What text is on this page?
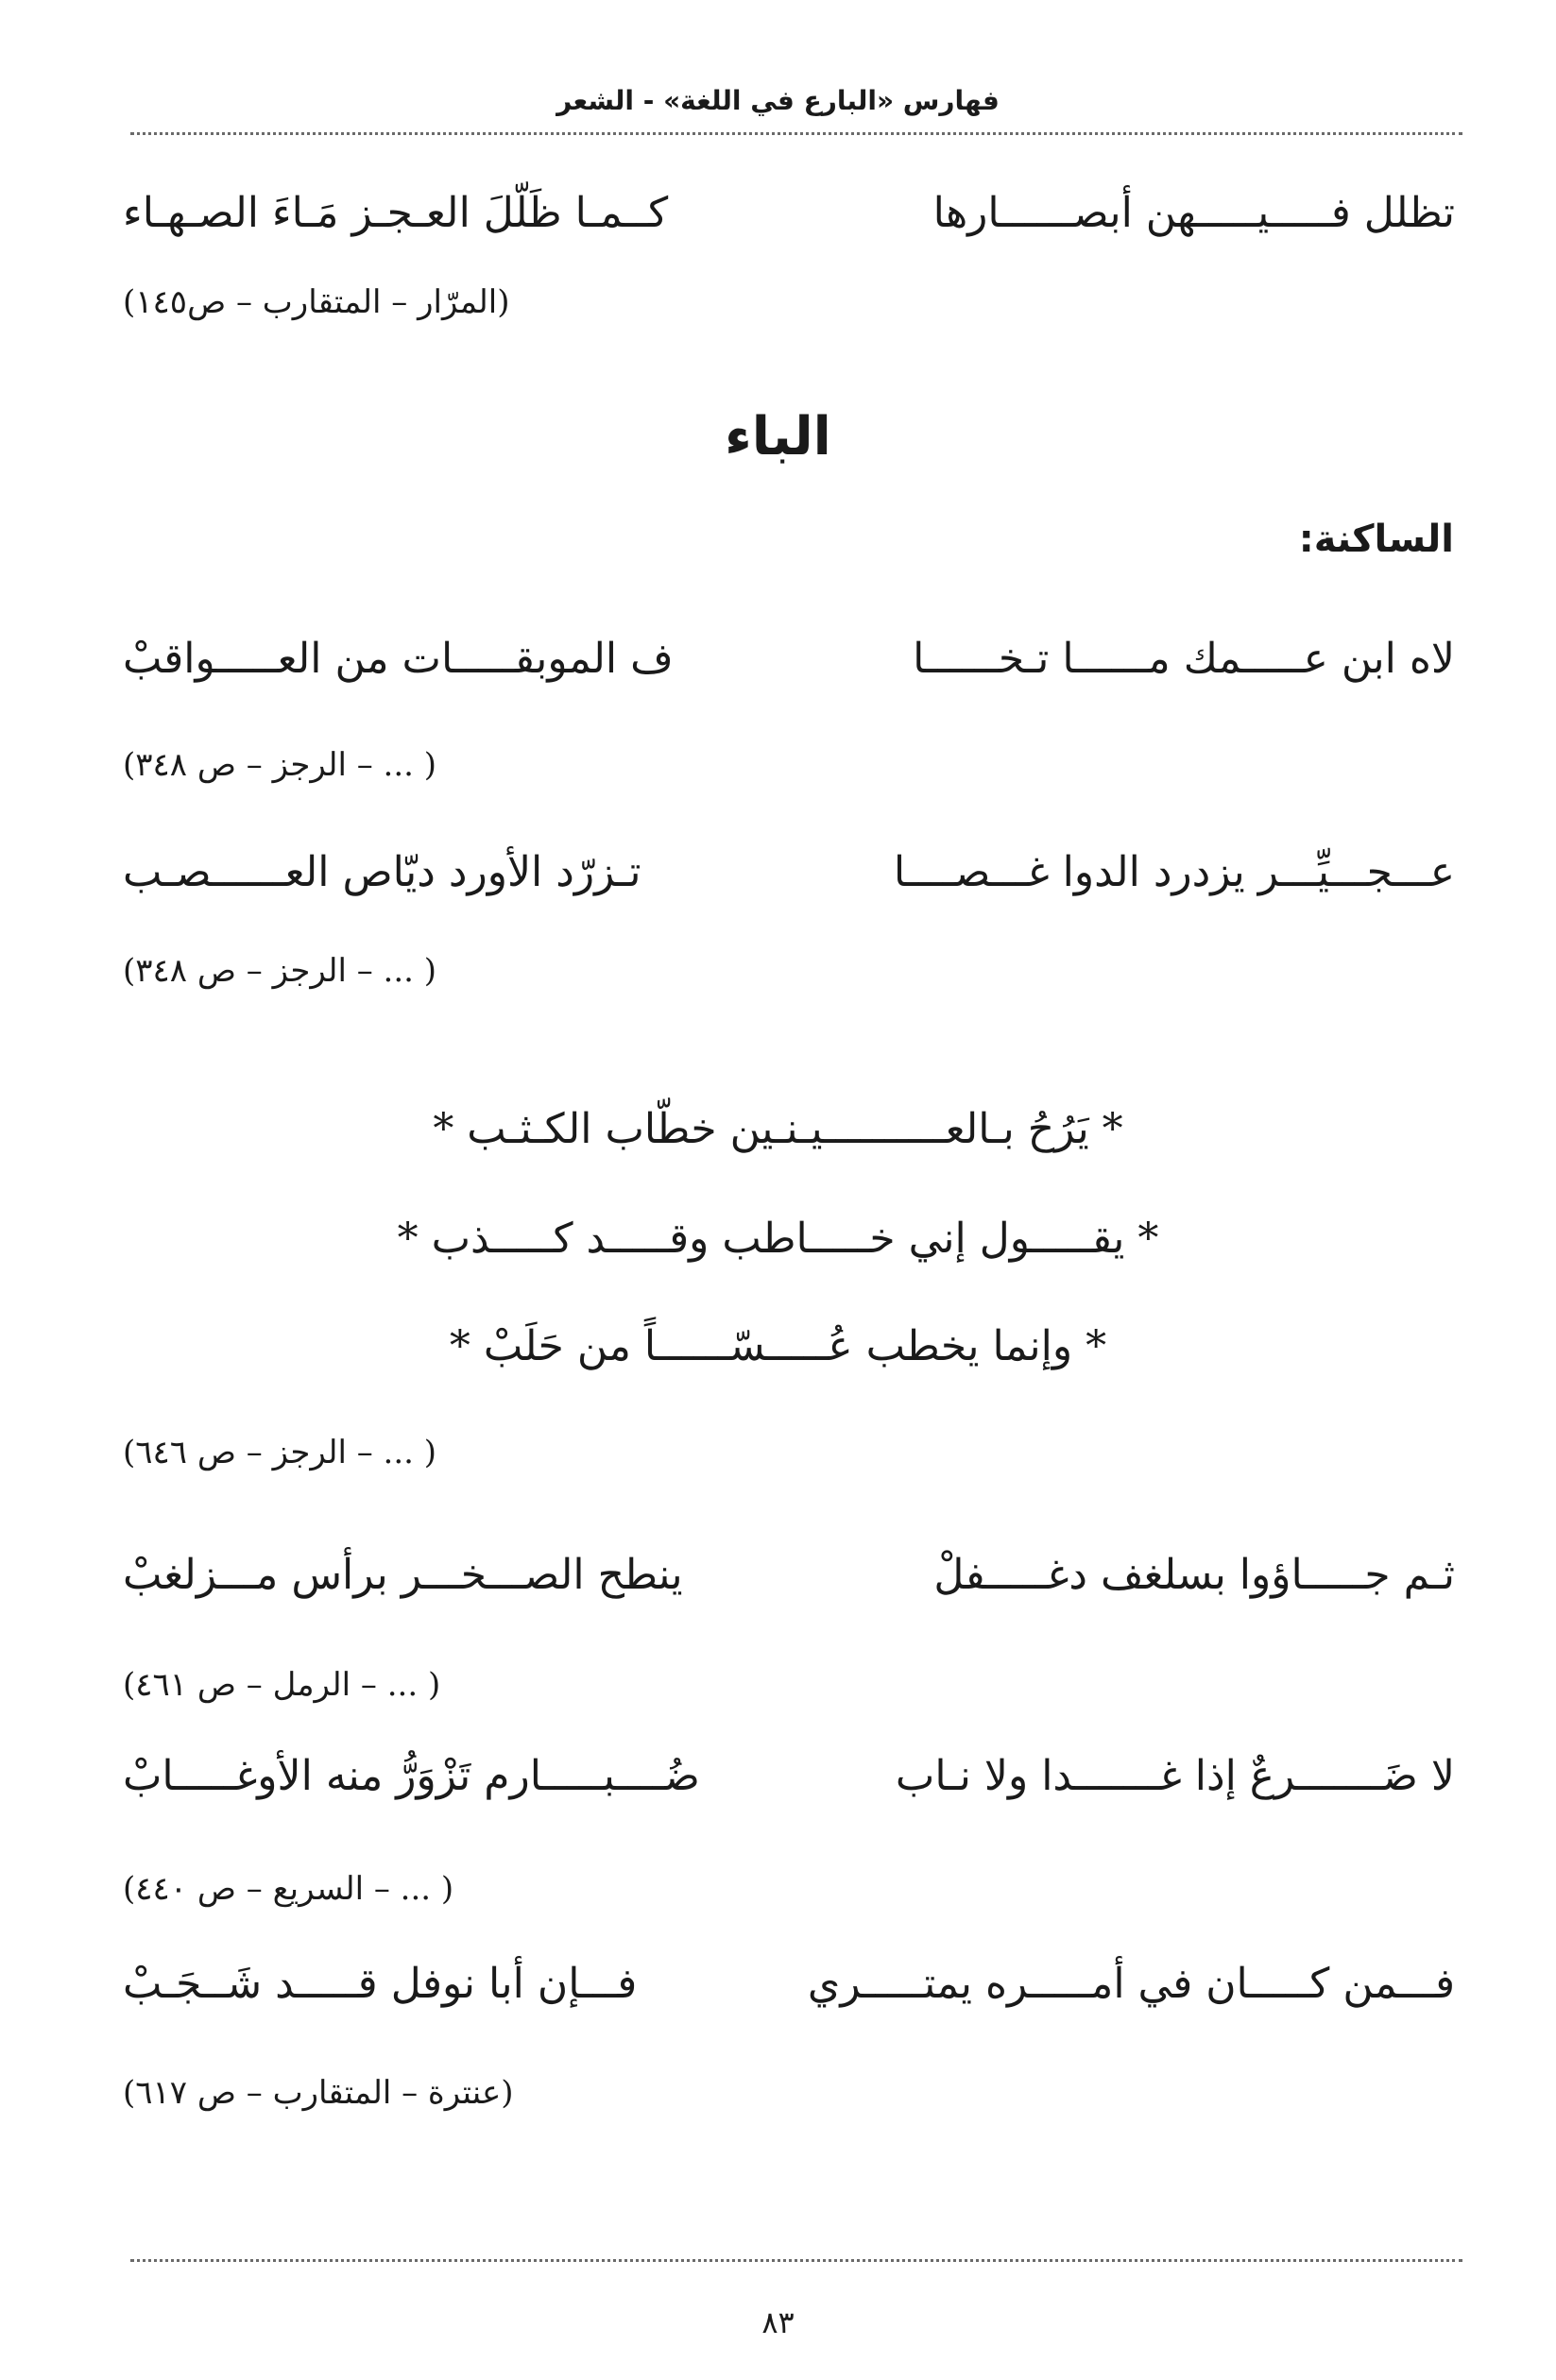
فهارس «البارع في اللغة» - الشعر
تظلل فـــــيـــــهن أبصــــــارها
كــمـا ظَلّلَ العـجـز مَـاءَ الصـهـاء
(المرّار – المتقارب – ص١٤٥)
الباء
الساكنة:
لاه ابن عـــــمك مــــــا تـخــــــا
ف الموبقـــــات من العـــــواقبْ
( ... – الرجز – ص ٣٤٨)
عـــجـــيِّـــر يزدرد الدوا غـــصــــا
تـزرّد الأورد ديّاص العــــــصـب
( ... – الرجز – ص ٣٤٨)
* يَرُحُ بـالعــــــــــيـنـين خطّاب الكـثـب *
* يقـــــول إني خـــــاطب وقـــــد كـــــذب *
* وإنما يخطب عُـــــسّــــــاً من حَلَبْ *
( ... – الرجز – ص ٦٤٦)
ثـم جـــــاؤوا بسلغف دغـــــفلْ
ينطح الصـــخـــر برأس مـــزلغبْ
( ... – الرمل – ص ٤٦١)
لا ضَـــــــرعٌ إذا غـــــــدا ولا نـاب
ضُــــبـــــارم تَزْوَرُّ منه الأوغـــــابْ
( ... – السريع – ص ٤٤٠)
فـــمن كـــــان في أمـــــره يمتـــــري
فـــإن أبا نوفل قـــــد شَــجَـبْ
(عنترة – المتقارب – ص ٦١٧)
٨٣
